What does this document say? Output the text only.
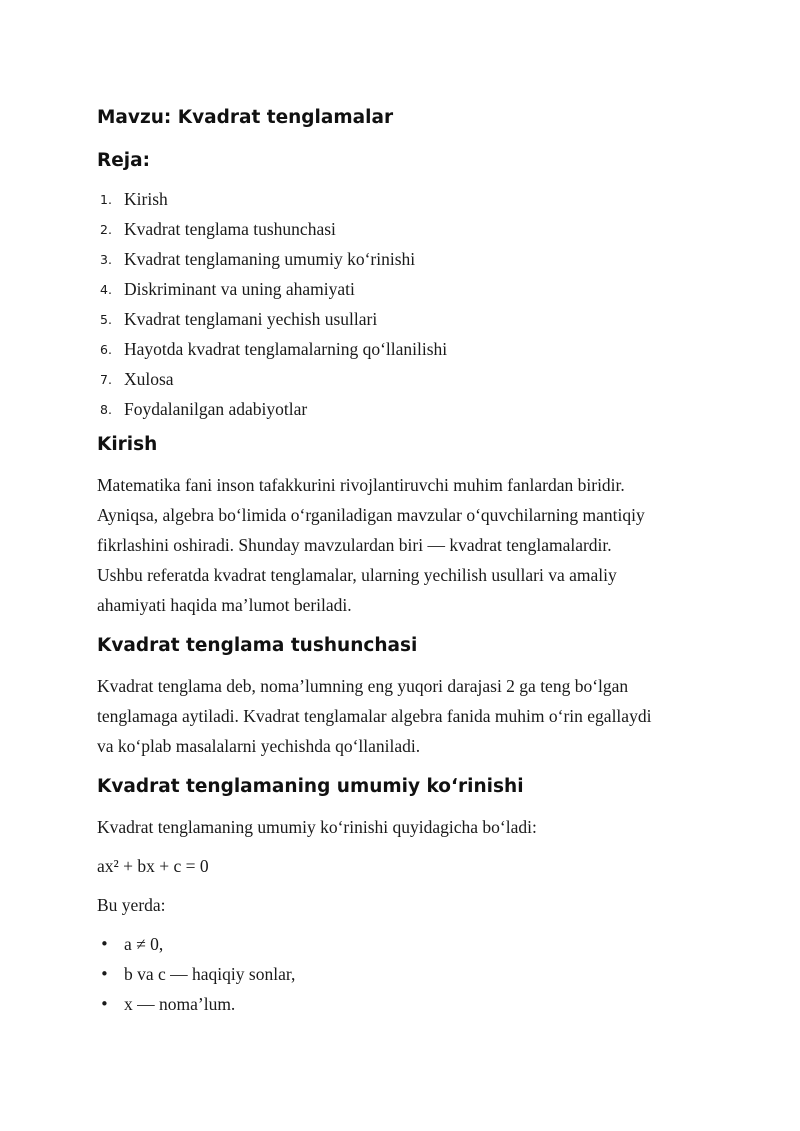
Mavzu: Kvadrat tenglamalar
Reja:
1. Kirish
2. Kvadrat tenglama tushunchasi
3. Kvadrat tenglamaning umumiy koʻrinishi
4. Diskriminant va uning ahamiyati
5. Kvadrat tenglamani yechish usullari
6. Hayotda kvadrat tenglamalarning qoʻllanilishi
7. Xulosa
8. Foydalanilgan adabiyotlar
Kirish
Matematika fani inson tafakkurini rivojlantiruvchi muhim fanlardan biridir.
Ayniqsa, algebra boʻlimida oʻrganiladigan mavzular oʻquvchilarning mantiqiy
fikrlashini oshiradi. Shunday mavzulardan biri — kvadrat tenglamalardir.
Ushbu referatda kvadrat tenglamalar, ularning yechilish usullari va amaliy
ahamiyati haqida maʼlumot beriladi.
Kvadrat tenglama tushunchasi
Kvadrat tenglama deb, nomaʼlumning eng yuqori darajasi 2 ga teng boʻlgan
tenglamaga aytiladi. Kvadrat tenglamalar algebra fanida muhim oʻrin egallaydi
va koʻplab masalalarni yechishda qoʻllaniladi.
Kvadrat tenglamaning umumiy koʻrinishi

Kvadrat tenglamaning umumiy koʻrinishi quyidagicha boʻladi:

ax² + bx + c = 0

Bu yerda:

• a ≠ 0,
• b va c — haqiqiy sonlar,
• x — nomaʼlum.
